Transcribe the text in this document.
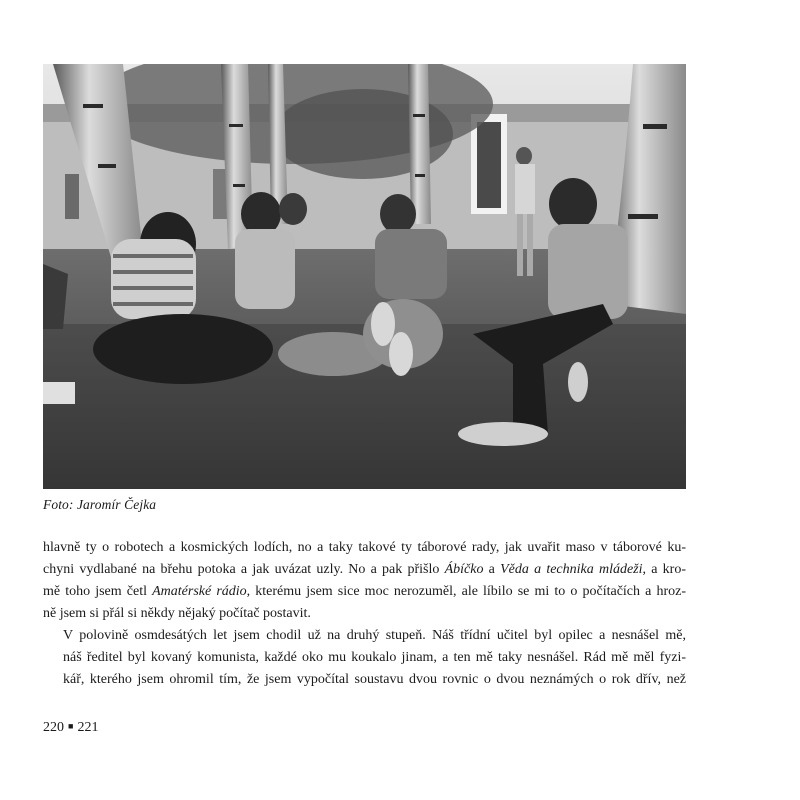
Foto: Jaromír Čejka

hlavně ty o robotech a kosmických lodích, no a taky takové ty táborové rady, jak uvařit maso v táborové ku-
chyni vydlabané na břehu potoka a jak uvázat uzly. No a pak přišlo Ábíčko a Věda a technika mládeži, a kro-
mě toho jsem četl Amatérské rádio, kterému jsem sice moc nerozuměl, ale líbilo se mi to o počítačích a hroz-
ně jsem si přál si někdy nějaký počítač postavit.

V polovině osmdesátých let jsem chodil už na druhý stupeň. Náš třídní učitel byl opilec a nesnášel mě,
náš ředitel byl kovaný komunista, každé oko mu koukalo jinam, a ten mě taky nesnášel. Rád mě měl fyzi-
kář, kterého jsem ohromil tím, že jsem vypočítal soustavu dvou rovnic o dvou neznámých o rok dřív, než

220 ■ 221
